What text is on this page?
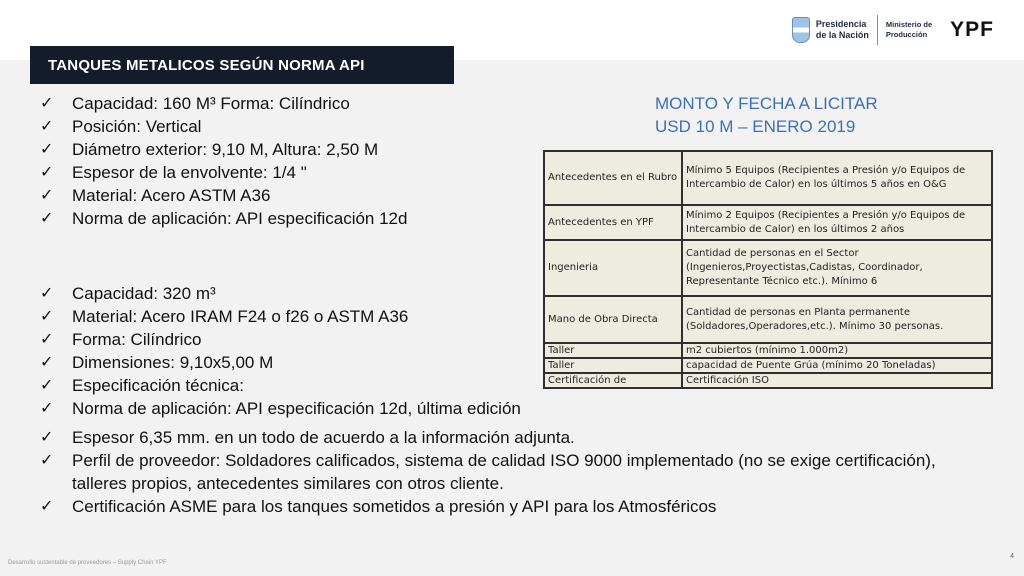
Presidencia
de la Nación
Ministerio de
Producción YPF
TANQUES METALICOS SEGÚN NORMA API
✓ Capacidad: 160 M³ Forma: Cilíndrico
✓ Posición: Vertical
✓ Diámetro exterior: 9,10 M, Altura: 2,50 M
✓ Espesor de la envolvente: 1/4 "
✓ Material: Acero ASTM A36
✓ Norma de aplicación: API especificación 12d
MONTO Y FECHA A LICITAR
USD 10 M – ENERO 2019
Antecedentes en el Rubro	Mínimo 5 Equipos (Recipientes a Presión y/o Equipos de Intercambio de Calor) en los últimos 5 años en O&G
Antecedentes en YPF	Mínimo 2 Equipos (Recipientes a Presión y/o Equipos de Intercambio de Calor) en los últimos 2 años
Ingenieria	Cantidad de personas en el Sector (Ingenieros,Proyectistas,Cadistas, Coordinador, Representante Técnico etc.). Mínimo 6
Mano de Obra Directa	Cantidad de personas en Planta permanente (Soldadores,Operadores,etc.). Mínimo 30 personas.
Taller	m2 cubiertos (mínimo 1.000m2)
Taller	capacidad de Puente Grúa (mínimo 20 Toneladas)
Certificación de	Certificación ISO
✓ Capacidad: 320 m³
✓ Material: Acero IRAM F24 o f26 o ASTM A36
✓ Forma: Cilíndrico
✓ Dimensiones: 9,10x5,00 M
✓ Especificación técnica:
✓ Norma de aplicación: API especificación 12d, última edición
✓ Espesor 6,35 mm. en un todo de acuerdo a la información adjunta.
✓ Perfil de proveedor: Soldadores calificados, sistema de calidad ISO 9000 implementado (no se exige certificación), talleres propios, antecedentes similares con otros cliente.
✓ Certificación ASME para los tanques sometidos a presión y API para los Atmosféricos
Desarrollo sustentable de proveedores – Supply Chain YPF
4
